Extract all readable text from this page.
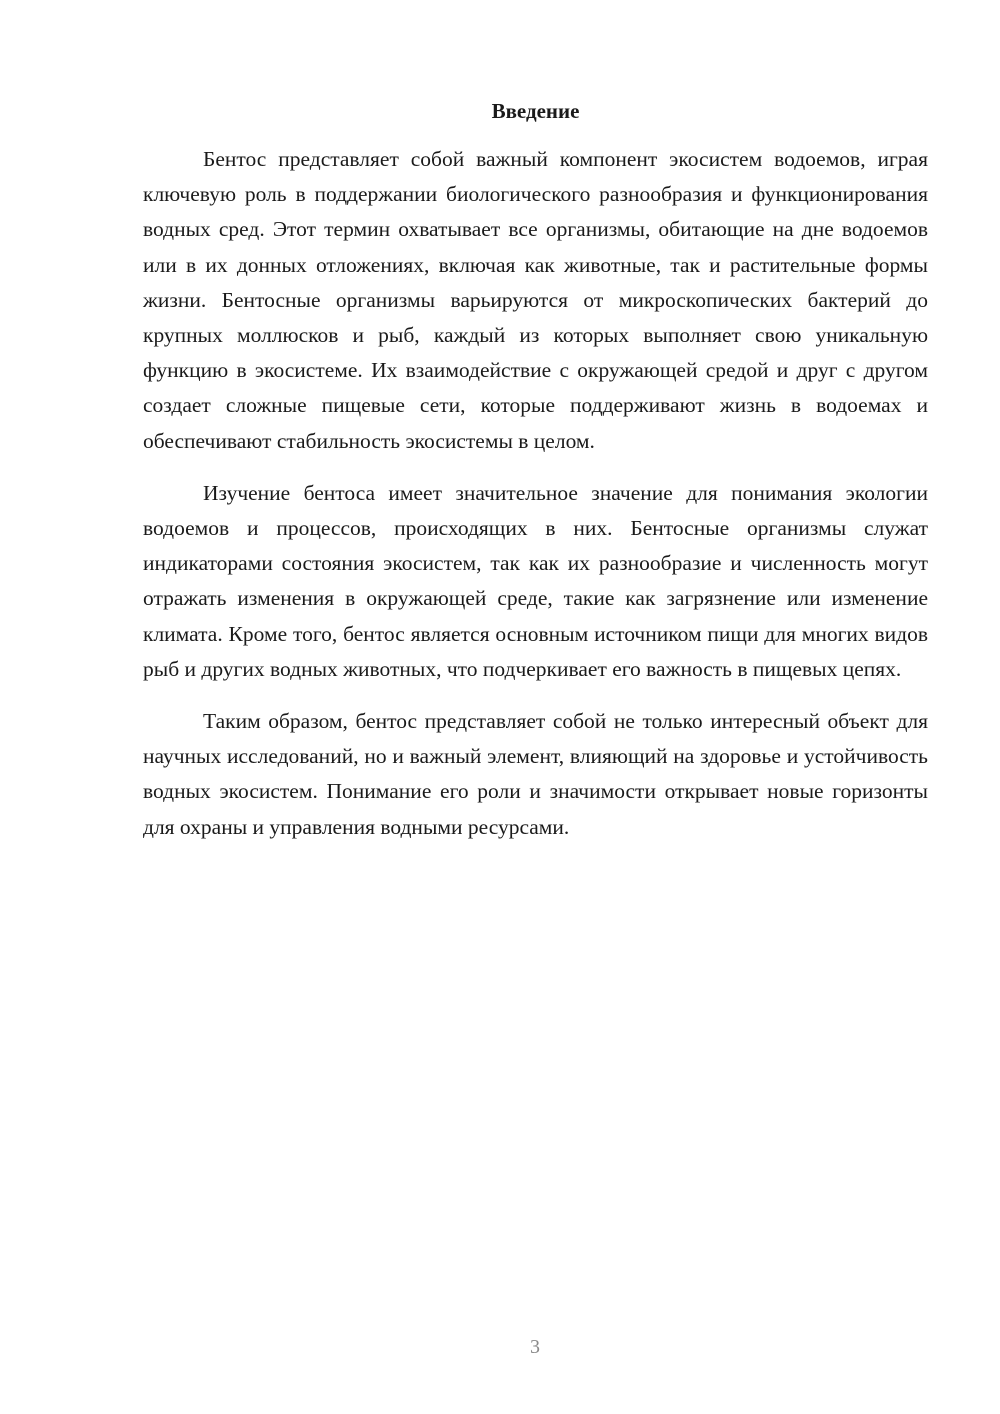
Введение

Бентос представляет собой важный компонент экосистем водоемов, играя ключевую роль в поддержании биологического разнообразия и функционирования водных сред. Этот термин охватывает все организмы, обитающие на дне водоемов или в их донных отложениях, включая как животные, так и растительные формы жизни. Бентосные организмы варьируются от микроскопических бактерий до крупных моллюсков и рыб, каждый из которых выполняет свою уникальную функцию в экосистеме. Их взаимодействие с окружающей средой и друг с другом создает сложные пищевые сети, которые поддерживают жизнь в водоемах и обеспечивают стабильность экосистемы в целом.

Изучение бентоса имеет значительное значение для понимания экологии водоемов и процессов, происходящих в них. Бентосные организмы служат индикаторами состояния экосистем, так как их разнообразие и численность могут отражать изменения в окружающей среде, такие как загрязнение или изменение климата. Кроме того, бентос является основным источником пищи для многих видов рыб и других водных животных, что подчеркивает его важность в пищевых цепях.

Таким образом, бентос представляет собой не только интересный объект для научных исследований, но и важный элемент, влияющий на здоровье и устойчивость водных экосистем. Понимание его роли и значимости открывает новые горизонты для охраны и управления водными ресурсами.

3
